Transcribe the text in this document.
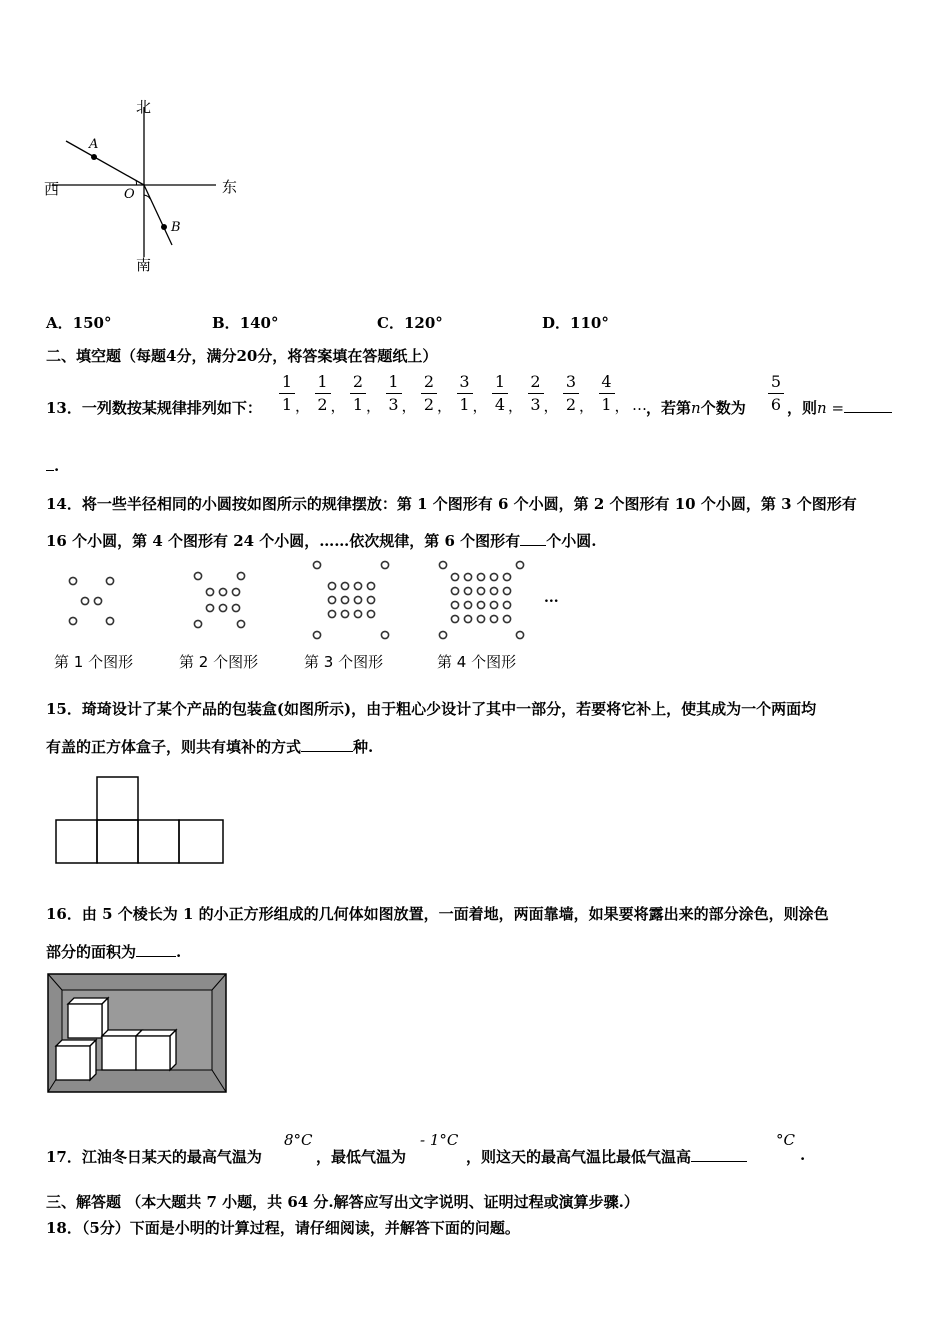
北
南
东
西
A
B
O
A．150°	B．140°	C．120°	D．110°
二、填空题（每题4分，满分20分，将答案填在答题纸上）
13．一列数按某规律排列如下：
1
1 ，
1
2 ，
2
1 ，
1
3 ，
2
2 ，
3
1 ，
1
4 ，
2
3 ，
3
2 ，
4
1 ， … ，若第n个数为
5
6 ，则n =
.
14．将一些半径相同的小圆按如图所示的规律摆放：第 1 个图形有 6 个小圆，第 2 个图形有 10 个小圆，第 3 个图形有
16 个小圆，第 4 个图形有 24 个小圆，……依次规律，第 6 个图形有 个小圆.
...
第 1 个图形	第 2 个图形	第 3 个图形	第 4 个图形
15．琦琦设计了某个产品的包装盒(如图所示)，由于粗心少设计了其中一部分，若要将它补上，使其成为一个两面均
有盖的正方体盒子，则共有填补的方式	种.
16．由 5 个棱长为 1 的小正方形组成的几何体如图放置，一面着地，两面靠墙，如果要将露出来的部分涂色，则涂色
部分的面积为	.
17．江油冬日某天的最高气温为
8°C
，最低气温为
- 1°C
，则这天的最高气温比最低气温高
°C
.
三、解答题 （本大题共 7 小题，共 64 分.解答应写出文字说明、证明过程或演算步骤.）
18．（5分）下面是小明的计算过程，请仔细阅读，并解答下面的问题。
